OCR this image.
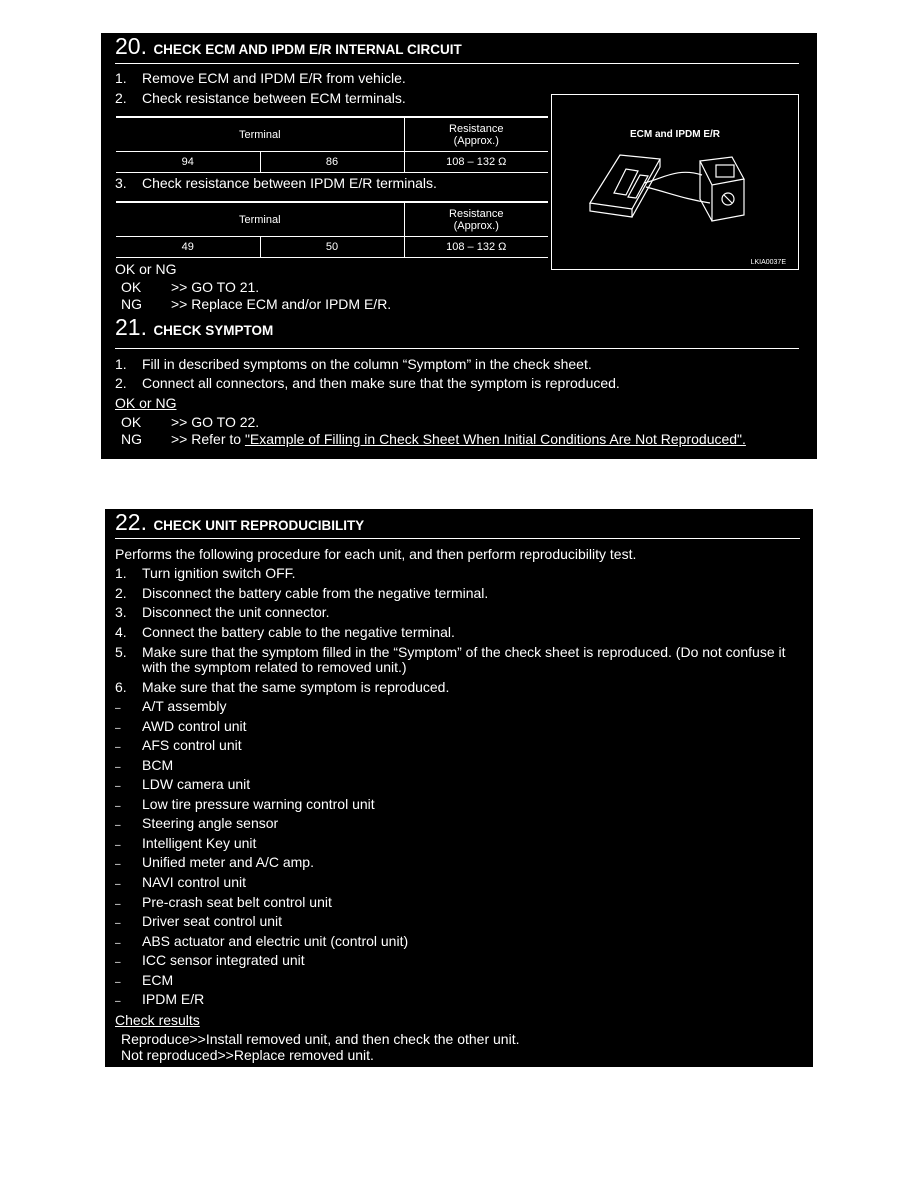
20. CHECK ECM AND IPDM E/R INTERNAL CIRCUIT
1. Remove ECM and IPDM E/R from vehicle.
2. Check resistance between ECM terminals.
Terminal		Resistance
(Approx.)

94	86	108 – 132 Ω
3. Check resistance between IPDM E/R terminals.
Terminal		Resistance
(Approx.)

49	50	108 – 132 Ω
ECM and IPDM E/R
LKIA0037E
OK or NG
OK >> GO TO 21.
NG >> Replace ECM and/or IPDM E/R.
21. CHECK SYMPTOM
1. Fill in described symptoms on the column “Symptom” in the check sheet.
2. Connect all connectors, and then make sure that the symptom is reproduced.
OK or NG
OK >> GO TO 22.
NG >> Refer to "Example of Filling in Check Sheet When Initial Conditions Are Not Reproduced".
22. CHECK UNIT REPRODUCIBILITY
Performs the following procedure for each unit, and then perform reproducibility test.
1. Turn ignition switch OFF.
2. Disconnect the battery cable from the negative terminal.
3. Disconnect the unit connector.
4. Connect the battery cable to the negative terminal.
5. Make sure that the symptom filled in the “Symptom” of the check sheet is reproduced. (Do not confuse it
with the symptom related to removed unit.)
6. Make sure that the same symptom is reproduced.
– A/T assembly
– AWD control unit
– AFS control unit
– BCM
– LDW camera unit
– Low tire pressure warning control unit
– Steering angle sensor
– Intelligent Key unit
– Unified meter and A/C amp.
– NAVI control unit
– Pre-crash seat belt control unit
– Driver seat control unit
– ABS actuator and electric unit (control unit)
– ICC sensor integrated unit
– ECM
– IPDM E/R
Check results
Reproduce>>Install removed unit, and then check the other unit.
Not reproduced>>Replace removed unit.
